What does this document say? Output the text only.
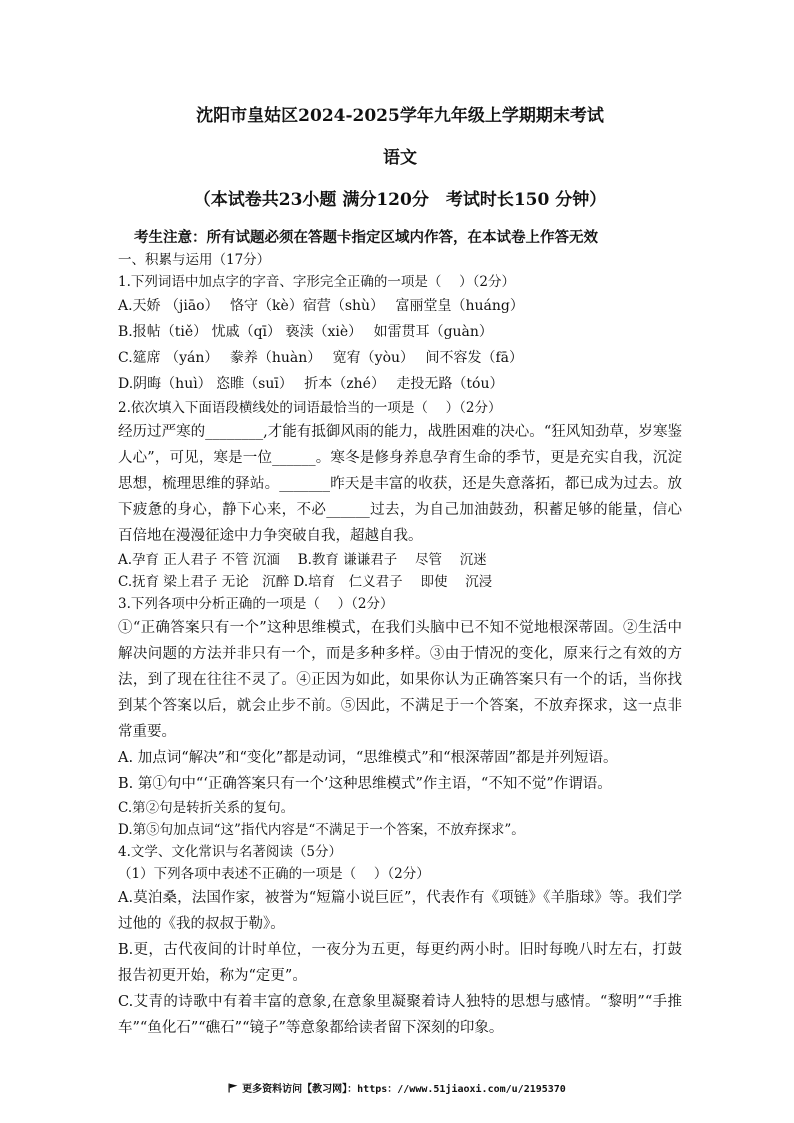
沈阳市皇姑区2024-2025学年九年级上学期期末考试

语文

（本试卷共23小题 满分120分　考试时长150 分钟）

考生注意：所有试题必须在答题卡指定区域内作答，在本试卷上作答无效

一、积累与运用（17分）

1.下列词语中加点字的字音、字形完全正确的一项是（　 ）（2分）

A.天娇 （jiāo）　 恪守（kè）宿营（shù）　 富丽堂皇（huáng）

B.报帖（tiě） 忧戚（qī） 亵渎（xiè）　 如雷贯耳（guàn）

C.筵席 （yán）　 豢养（huàn）　 宽宥（yòu）　 间不容发（fā）

D.阴晦（huì） 恣睢（suī）　 折本（zhé）　 走投无路（tóu）

2.依次填入下面语段横线处的词语最恰当的一项是（　 ）（2分）

经历过严寒的________,才能有抵御风雨的能力，战胜困难的决心。“狂风知劲草，岁寒鉴人心”，可见，寒是一位______。寒冬是修身养息孕育生命的季节，更是充实自我，沉淀思想，梳理思维的驿站。_______昨天是丰富的收获，还是失意落拓，都已成为过去。放下疲惫的身心，静下心来，不必______过去，为自己加油鼓劲，积蓄足够的能量，信心百倍地在漫漫征途中力争突破自我，超越自我。

A.孕育 正人君子 不管 沉湎　 B.教育 谦谦君子　 尽管　 沉迷

C.抚育 梁上君子 无论　沉醉 D.培育　仁义君子　 即使　 沉浸

3.下列各项中分析正确的一项是（　 ）（2分）

①“正确答案只有一个”这种思维模式，在我们头脑中已不知不觉地根深蒂固。②生活中解决问题的方法并非只有一个，而是多种多样。③由于情况的变化，原来行之有效的方法，到了现在往往不灵了。④正因为如此，如果你认为正确答案只有一个的话，当你找到某个答案以后，就会止步不前。⑤因此，不满足于一个答案，不放弃探求，这一点非常重要。

A. 加点词“解决”和“变化”都是动词，“思维模式”和“根深蒂固”都是并列短语。

B. 第①句中“‘正确答案只有一个’这种思维模式”作主语，“不知不觉”作谓语。

C.第②句是转折关系的复句。

D.第⑤句加点词“这”指代内容是“不满足于一个答案，不放弃探求”。

4.文学、文化常识与名著阅读（5分）

（1）下列各项中表述不正确的一项是（　 ）（2分）

A.莫泊桑，法国作家，被誉为“短篇小说巨匠”，代表作有《项链》《羊脂球》等。我们学过他的《我的叔叔于勒》。

B.更，古代夜间的计时单位，一夜分为五更，每更约两小时。旧时每晚八时左右，打鼓报告初更开始，称为“定更”。

C.艾青的诗歌中有着丰富的意象,在意象里凝聚着诗人独特的思想与感情。“黎明”“手推车”“鱼化石”“礁石”“镜子”等意象都给读者留下深刻的印象。

更多资料访问【教习网】：https：//www.51jiaoxi.com/u/2195370
